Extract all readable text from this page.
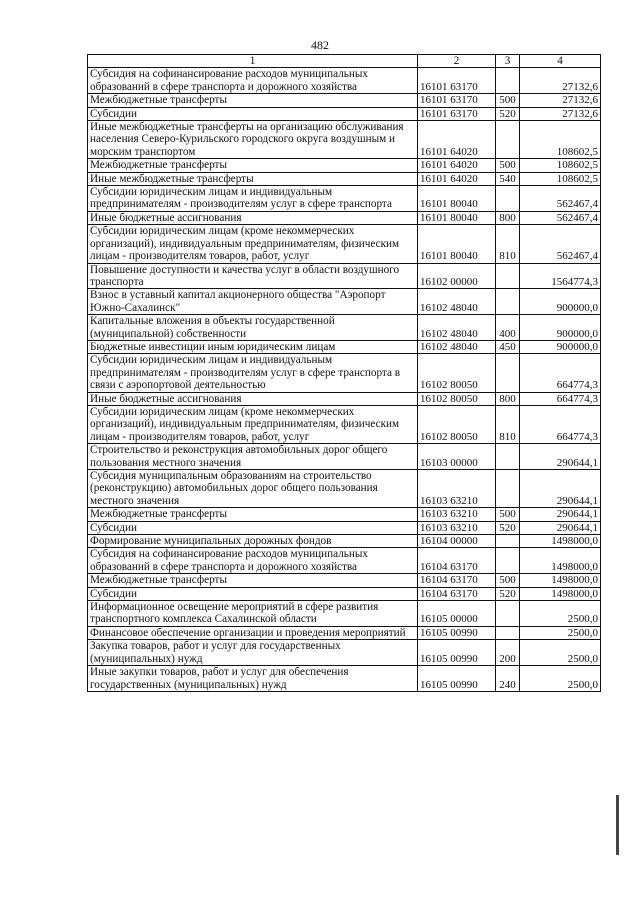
482
1	2	3	4
Субсидия на софинансирование расходов муниципальных образований в сфере транспорта и дорожного хозяйства	16101 63170		27132,6
Межбюджетные трансферты	16101 63170	500	27132,6
Субсидии	16101 63170	520	27132,6
Иные межбюджетные трансферты на организацию обслуживания населения Северо-Курильского городского округа воздушным и морским транспортом	16101 64020		108602,5
Межбюджетные трансферты	16101 64020	500	108602,5
Иные межбюджетные трансферты	16101 64020	540	108602,5
Субсидии юридическим лицам и индивидуальным предпринимателям - производителям услуг в сфере транспорта	16101 80040		562467,4
Иные бюджетные ассигнования	16101 80040	800	562467,4
Субсидии юридическим лицам (кроме некоммерческих организаций), индивидуальным предпринимателям, физическим лицам - производителям товаров, работ, услуг	16101 80040	810	562467,4
Повышение доступности и качества услуг в области воздушного транспорта	16102 00000		1564774,3
Взнос в уставный капитал акционерного общества "Аэропорт Южно-Сахалинск"	16102 48040		900000,0
Капитальные вложения в объекты государственной (муниципальной) собственности	16102 48040	400	900000,0
Бюджетные инвестиции иным юридическим лицам	16102 48040	450	900000,0
Субсидии юридическим лицам и индивидуальным предпринимателям - производителям услуг в сфере транспорта в связи с аэропортовой деятельностью	16102 80050		664774,3
Иные бюджетные ассигнования	16102 80050	800	664774,3
Субсидии юридическим лицам (кроме некоммерческих организаций), индивидуальным предпринимателям, физическим лицам - производителям товаров, работ, услуг	16102 80050	810	664774,3
Строительство и реконструкция автомобильных дорог общего пользования местного значения	16103 00000		290644,1
Субсидия муниципальным образованиям на строительство (реконструкцию) автомобильных дорог общего пользования местного значения	16103 63210		290644,1
Межбюджетные трансферты	16103 63210	500	290644,1
Субсидии	16103 63210	520	290644,1
Формирование муниципальных дорожных фондов	16104 00000		1498000,0
Субсидия на софинансирование расходов муниципальных образований в сфере транспорта и дорожного хозяйства	16104 63170		1498000,0
Межбюджетные трансферты	16104 63170	500	1498000,0
Субсидии	16104 63170	520	1498000,0
Информационное освещение мероприятий в сфере развития транспортного комплекса Сахалинской области	16105 00000		2500,0
Финансовое обеспечение организации и проведения мероприятий	16105 00990		2500,0
Закупка товаров, работ и услуг для государственных (муниципальных) нужд	16105 00990	200	2500,0
Иные закупки товаров, работ и услуг для обеспечения государственных (муниципальных) нужд	16105 00990	240	2500,0
